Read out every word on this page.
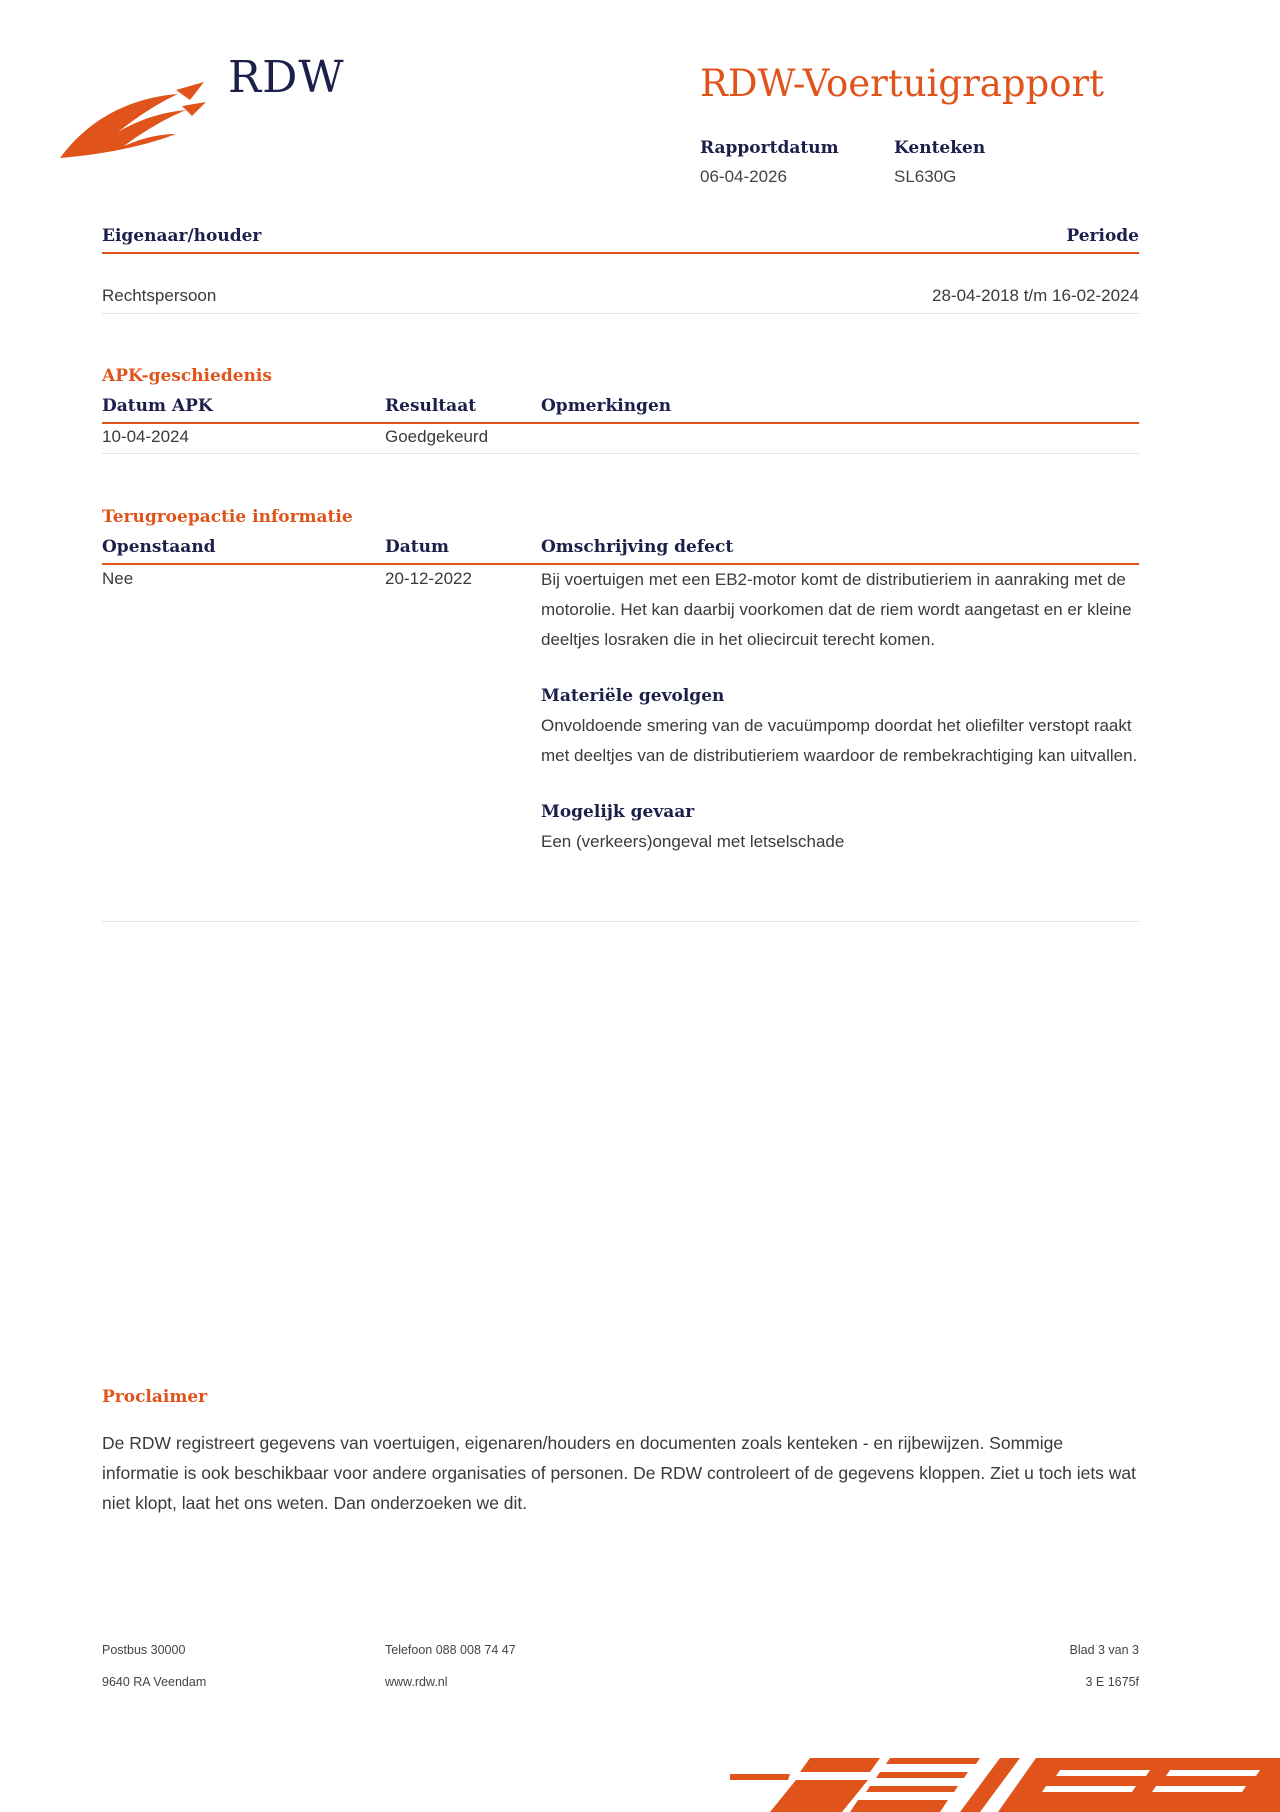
RDW	RDW-Voertuigrapport
Rapportdatum
06-04-2026
Kenteken
SL630G
Eigenaar/houder	Periode
Rechtspersoon	28-04-2018 t/m 16-02-2024
APK-geschiedenis
Datum APK	Resultaat	Opmerkingen
10-04-2024	Goedgekeurd
Terugroepactie informatie
Openstaand	Datum	Omschrijving defect
Nee	20-12-2022	Bij voertuigen met een EB2-motor komt de distributieriem in aanraking met de motorolie. Het kan daarbij voorkomen dat de riem wordt aangetast en er kleine deeltjes losraken die in het oliecircuit terecht komen.
Materiële gevolgen
Onvoldoende smering van de vacuümpomp doordat het oliefilter verstopt raakt met deeltjes van de distributieriem waardoor de rembekrachtiging kan uitvallen.
Mogelijk gevaar
Een (verkeers)ongeval met letselschade
Proclaimer
De RDW registreert gegevens van voertuigen, eigenaren/houders en documenten zoals kenteken - en rijbewijzen. Sommige informatie is ook beschikbaar voor andere organisaties of personen. De RDW controleert of de gegevens kloppen. Ziet u toch iets wat niet klopt, laat het ons weten. Dan onderzoeken we dit.
Postbus 30000
9640 RA Veendam
Telefoon 088 008 74 47
www.rdw.nl
Blad 3 van 3
3 E 1675f
